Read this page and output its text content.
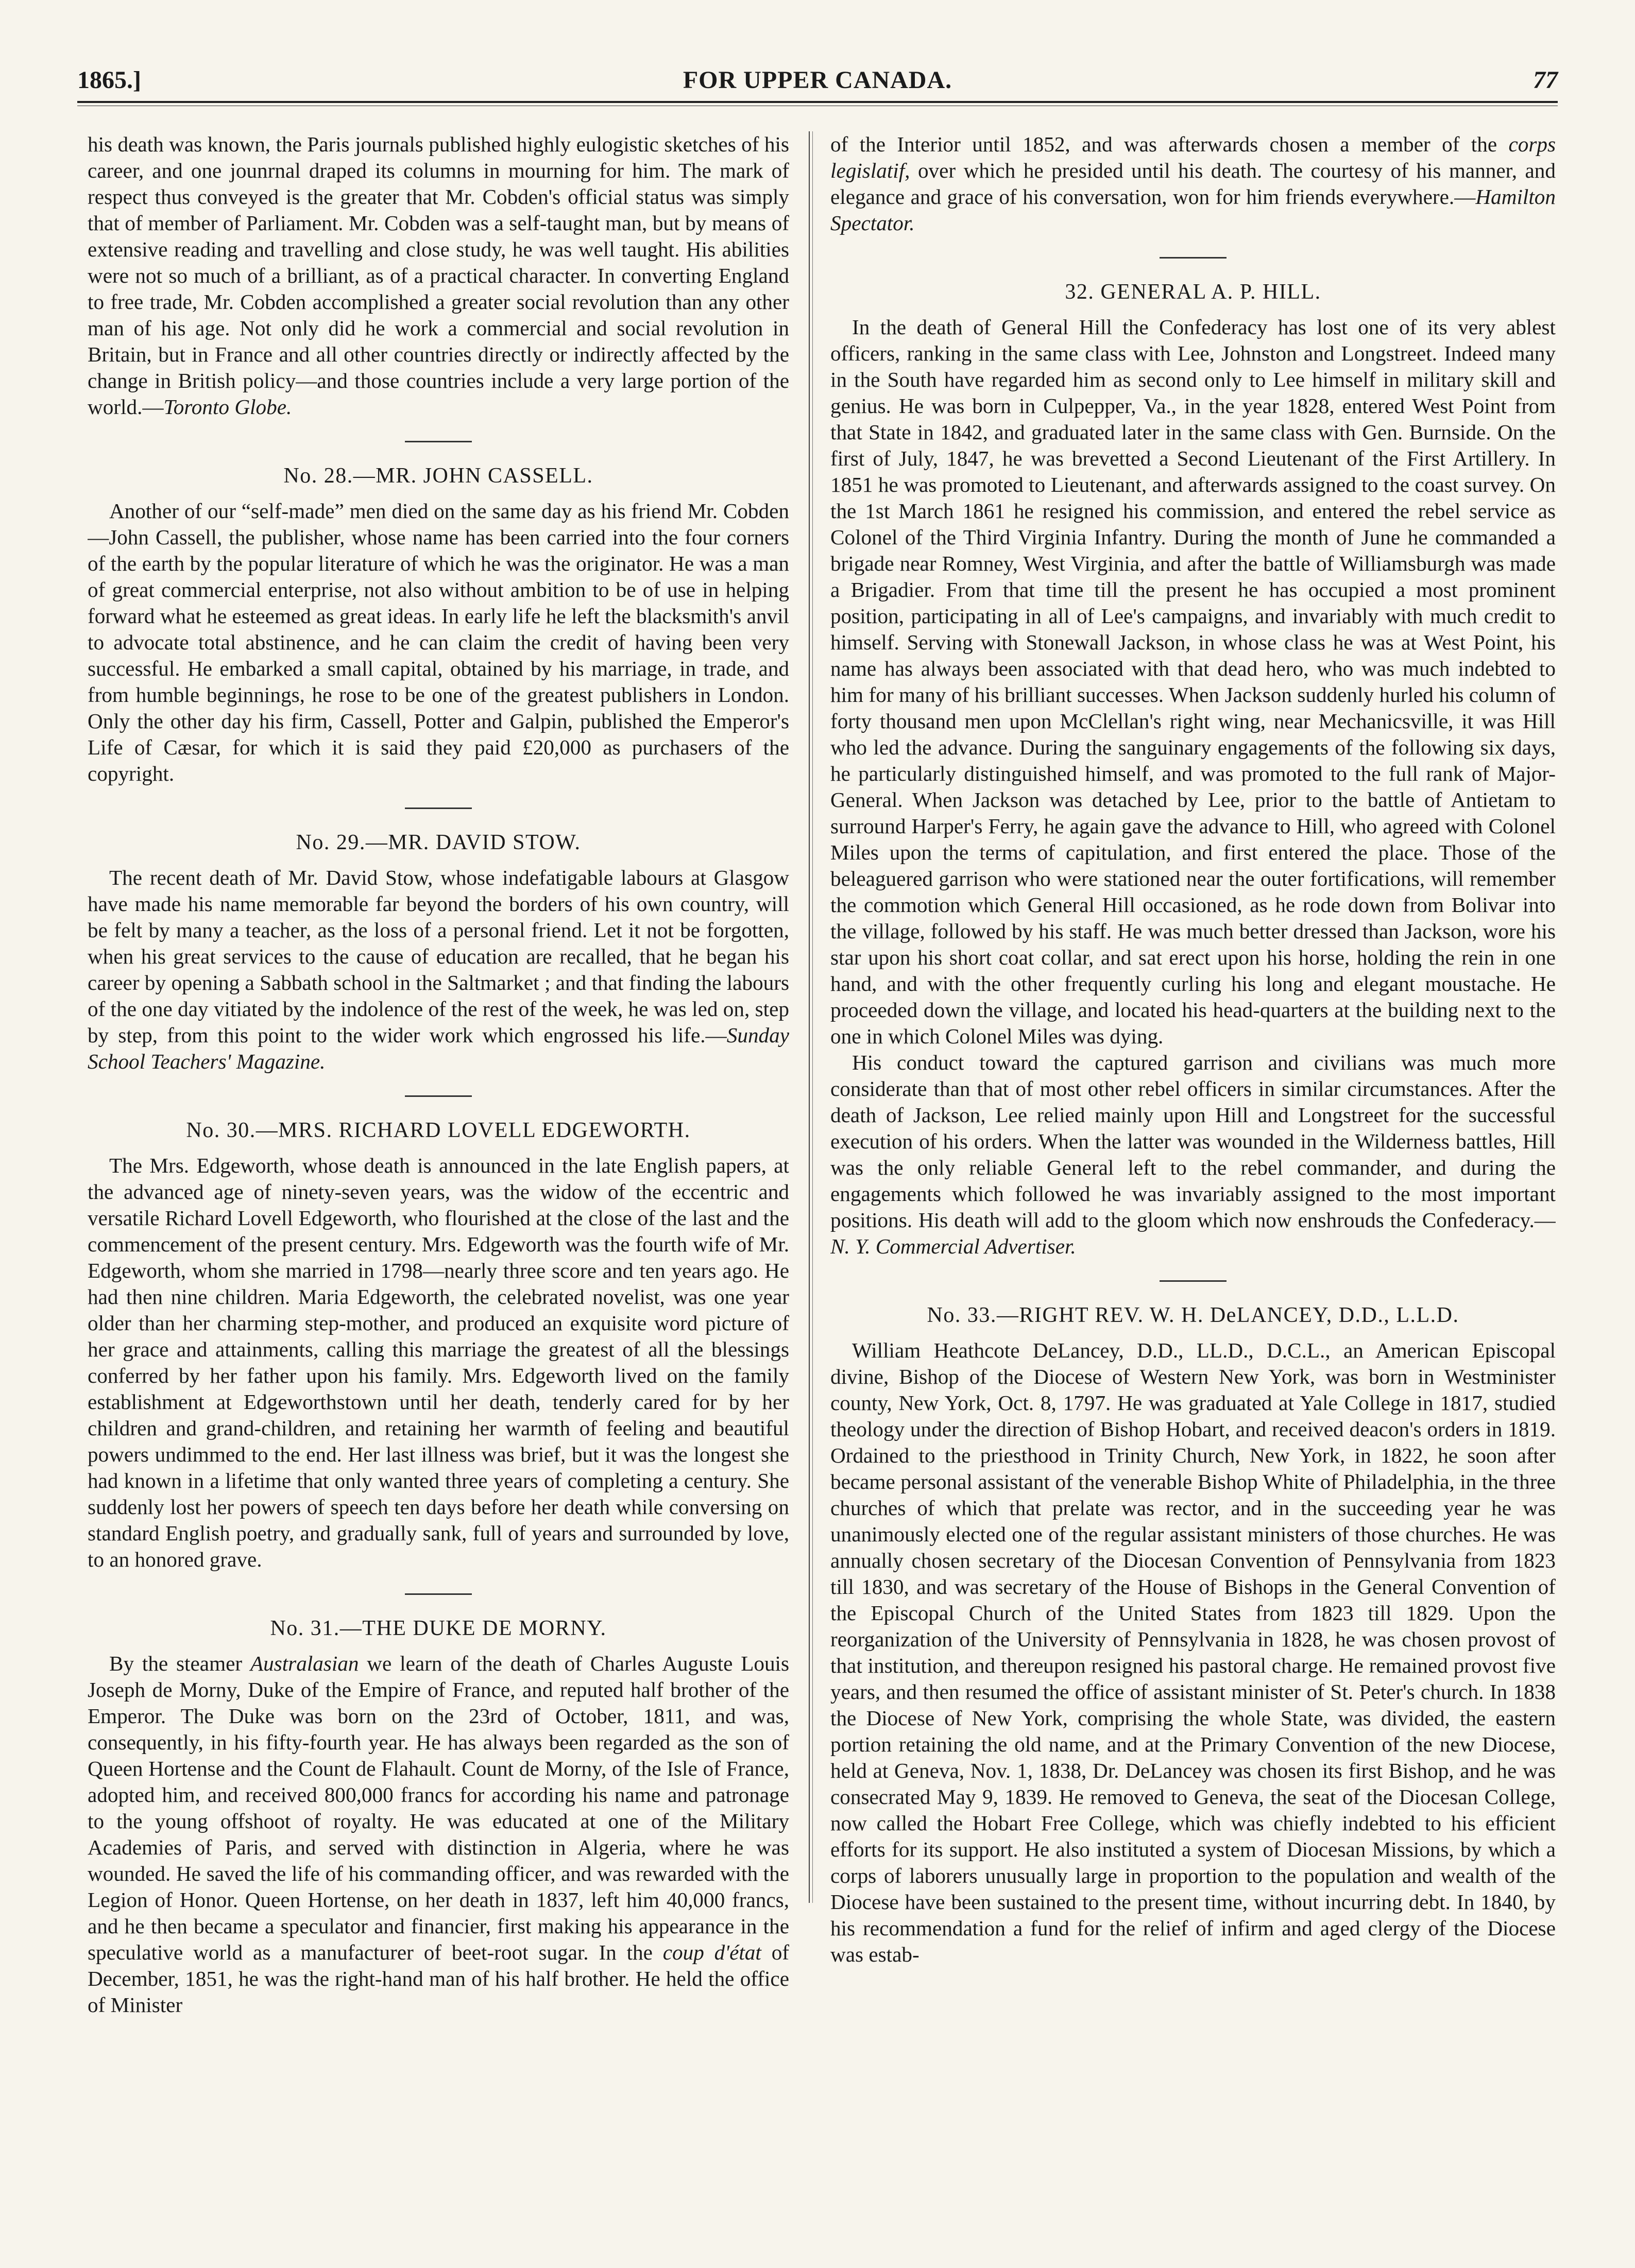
1865.]	FOR UPPER CANADA.	77

his death was known, the Paris journals published highly eulogistic sketches of his career, and one jounrnal draped its columns in mourning for him. The mark of respect thus conveyed is the greater that Mr. Cobden's official status was simply that of member of Parliament. Mr. Cobden was a self-taught man, but by means of extensive reading and travelling and close study, he was well taught. His abilities were not so much of a brilliant, as of a practical character. In converting England to free trade, Mr. Cobden accomplished a greater social revolution than any other man of his age. Not only did he work a commercial and social revolution in Britain, but in France and all other countries directly or indirectly affected by the change in British policy—and those countries include a very large portion of the world.—Toronto Globe.

No. 28.—MR. JOHN CASSELL.

Another of our “self-made” men died on the same day as his friend Mr. Cobden—John Cassell, the publisher, whose name has been carried into the four corners of the earth by the popular literature of which he was the originator. He was a man of great commercial enterprise, not also without ambition to be of use in helping forward what he esteemed as great ideas. In early life he left the blacksmith's anvil to advocate total abstinence, and he can claim the credit of having been very successful. He embarked a small capital, obtained by his marriage, in trade, and from humble beginnings, he rose to be one of the greatest publishers in London. Only the other day his firm, Cassell, Potter and Galpin, published the Emperor's Life of Cæsar, for which it is said they paid £20,000 as purchasers of the copyright.

No. 29.—MR. DAVID STOW.

The recent death of Mr. David Stow, whose indefatigable labours at Glasgow have made his name memorable far beyond the borders of his own country, will be felt by many a teacher, as the loss of a personal friend. Let it not be forgotten, when his great services to the cause of education are recalled, that he began his career by opening a Sabbath school in the Saltmarket ; and that finding the labours of the one day vitiated by the indolence of the rest of the week, he was led on, step by step, from this point to the wider work which engrossed his life.—Sunday School Teachers' Magazine.

No. 30.—MRS. RICHARD LOVELL EDGEWORTH.

The Mrs. Edgeworth, whose death is announced in the late English papers, at the advanced age of ninety-seven years, was the widow of the eccentric and versatile Richard Lovell Edgeworth, who flourished at the close of the last and the commencement of the present century. Mrs. Edgeworth was the fourth wife of Mr. Edgeworth, whom she married in 1798—nearly three score and ten years ago. He had then nine children. Maria Edgeworth, the celebrated novelist, was one year older than her charming step-mother, and produced an exquisite word picture of her grace and attainments, calling this marriage the greatest of all the blessings conferred by her father upon his family. Mrs. Edgeworth lived on the family establishment at Edgeworthstown until her death, tenderly cared for by her children and grand-children, and retaining her warmth of feeling and beautiful powers undimmed to the end. Her last illness was brief, but it was the longest she had known in a lifetime that only wanted three years of completing a century. She suddenly lost her powers of speech ten days before her death while conversing on standard English poetry, and gradually sank, full of years and surrounded by love, to an honored grave.

No. 31.—THE DUKE DE MORNY.

By the steamer Australasian we learn of the death of Charles Auguste Louis Joseph de Morny, Duke of the Empire of France, and reputed half brother of the Emperor. The Duke was born on the 23rd of October, 1811, and was, consequently, in his fifty-fourth year. He has always been regarded as the son of Queen Hortense and the Count de Flahault. Count de Morny, of the Isle of France, adopted him, and received 800,000 francs for according his name and patronage to the young offshoot of royalty. He was educated at one of the Military Academies of Paris, and served with distinction in Algeria, where he was wounded. He saved the life of his commanding officer, and was rewarded with the Legion of Honor. Queen Hortense, on her death in 1837, left him 40,000 francs, and he then became a speculator and financier, first making his appearance in the speculative world as a manufacturer of beet-root sugar. In the coup d'état of December, 1851, he was the right-hand man of his half brother. He held the office of Minister

of the Interior until 1852, and was afterwards chosen a member of the corps legislatif, over which he presided until his death. The courtesy of his manner, and elegance and grace of his conversation, won for him friends everywhere.—Hamilton Spectator.

32. GENERAL A. P. HILL.

In the death of General Hill the Confederacy has lost one of its very ablest officers, ranking in the same class with Lee, Johnston and Longstreet. Indeed many in the South have regarded him as second only to Lee himself in military skill and genius. He was born in Culpepper, Va., in the year 1828, entered West Point from that State in 1842, and graduated later in the same class with Gen. Burnside. On the first of July, 1847, he was brevetted a Second Lieutenant of the First Artillery. In 1851 he was promoted to Lieutenant, and afterwards assigned to the coast survey. On the 1st March 1861 he resigned his commission, and entered the rebel service as Colonel of the Third Virginia Infantry. During the month of June he commanded a brigade near Romney, West Virginia, and after the battle of Williamsburgh was made a Brigadier. From that time till the present he has occupied a most prominent position, participating in all of Lee's campaigns, and invariably with much credit to himself. Serving with Stonewall Jackson, in whose class he was at West Point, his name has always been associated with that dead hero, who was much indebted to him for many of his brilliant successes. When Jackson suddenly hurled his column of forty thousand men upon McClellan's right wing, near Mechanicsville, it was Hill who led the advance. During the sanguinary engagements of the following six days, he particularly distinguished himself, and was promoted to the full rank of Major-General. When Jackson was detached by Lee, prior to the battle of Antietam to surround Harper's Ferry, he again gave the advance to Hill, who agreed with Colonel Miles upon the terms of capitulation, and first entered the place. Those of the beleaguered garrison who were stationed near the outer fortifications, will remember the commotion which General Hill occasioned, as he rode down from Bolivar into the village, followed by his staff. He was much better dressed than Jackson, wore his star upon his short coat collar, and sat erect upon his horse, holding the rein in one hand, and with the other frequently curling his long and elegant moustache. He proceeded down the village, and located his head-quarters at the building next to the one in which Colonel Miles was dying.

His conduct toward the captured garrison and civilians was much more considerate than that of most other rebel officers in similar circumstances. After the death of Jackson, Lee relied mainly upon Hill and Longstreet for the successful execution of his orders. When the latter was wounded in the Wilderness battles, Hill was the only reliable General left to the rebel commander, and during the engagements which followed he was invariably assigned to the most important positions. His death will add to the gloom which now enshrouds the Confederacy.—N. Y. Commercial Advertiser.

No. 33.—RIGHT REV. W. H. DeLANCEY, D.D., L.L.D.

William Heathcote DeLancey, D.D., LL.D., D.C.L., an American Episcopal divine, Bishop of the Diocese of Western New York, was born in Westminister county, New York, Oct. 8, 1797. He was graduated at Yale College in 1817, studied theology under the direction of Bishop Hobart, and received deacon's orders in 1819. Ordained to the priesthood in Trinity Church, New York, in 1822, he soon after became personal assistant of the venerable Bishop White of Philadelphia, in the three churches of which that prelate was rector, and in the succeeding year he was unanimously elected one of the regular assistant ministers of those churches. He was annually chosen secretary of the Diocesan Convention of Pennsylvania from 1823 till 1830, and was secretary of the House of Bishops in the General Convention of the Episcopal Church of the United States from 1823 till 1829. Upon the reorganization of the University of Pennsylvania in 1828, he was chosen provost of that institution, and thereupon resigned his pastoral charge. He remained provost five years, and then resumed the office of assistant minister of St. Peter's church. In 1838 the Diocese of New York, comprising the whole State, was divided, the eastern portion retaining the old name, and at the Primary Convention of the new Diocese, held at Geneva, Nov. 1, 1838, Dr. DeLancey was chosen its first Bishop, and he was consecrated May 9, 1839. He removed to Geneva, the seat of the Diocesan College, now called the Hobart Free College, which was chiefly indebted to his efficient efforts for its support. He also instituted a system of Diocesan Missions, by which a corps of laborers unusually large in proportion to the population and wealth of the Diocese have been sustained to the present time, without incurring debt. In 1840, by his recommendation a fund for the relief of infirm and aged clergy of the Diocese was estab-
